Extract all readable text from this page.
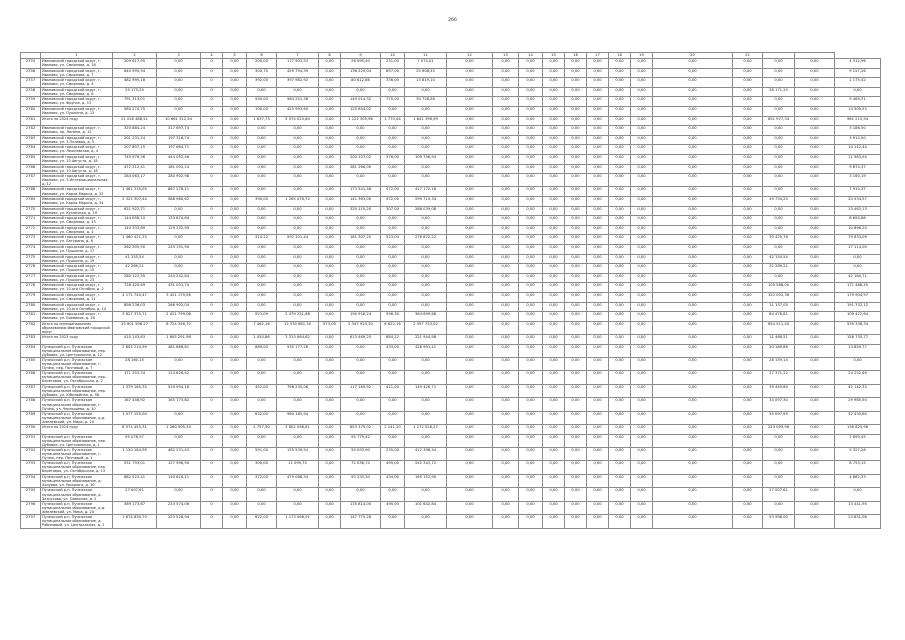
266
	1	2	3	4	5	6	7	8	9	10	11	12	13	14	15	16	17	18	19	20	21			
2755	Ивановский городской округ, г. Иваново, ул. Смирнова, д. 18	209 617,95	0,00	0	0,00	200,00	177 503,53	0,00	26 995,40	231,00	7 074,01	0,00	0,00	0,00	0,00	0,00	0,00	0,00	0,00	0,00	0,00	0,00	0,00	4 312,96
2756	Ивановский городской округ, г. Иваново, ул. Смирнова, д. 7	640 995,94	0,00	0	0,00	300,70	459 794,39	0,00	136 220,04	897,00	25 608,15	0,00	0,00	0,00	0,00	0,00	0,00	0,00	0,00	0,00	0,00	0,00	0,00	9 157,26
2757	Ивановский городской округ, г. Иваново, ул. Смирнова, д. 4	482 995,18	0,00	0	0,00	392,00	397 982,92	0,00	80 612,86	336,00	13 819,10	0,00	0,00	0,00	0,00	0,00	0,00	0,00	0,00	0,00	0,00	0,00	0,00	1 175,42
2758	Ивановский городской округ, г. Иваново, ул. Смирнова, д. 6	29 175,25	0,00	0	0,00	0,00	0,00	0,00	0,00	0,00	0,00	0,00	0,00	0,00	0,00	0,00	0,00	0,00	0,00	0,00	0,00	28 171,25	0,00	0,00
2759	Ивановский городской округ, г. Иваново, ул. Фрунзе, д. 13	791 313,01	0,00	0	0,00	550,00	584 251,38	0,00	149 014,32	770,00	30 728,58	0,00	0,00	0,00	0,00	0,00	0,00	0,00	0,00	0,00	0,00	0,00	0,00	9 469,31
2760	Ивановский городской округ, г. Иваново, ул. Пушкина, д. 13	580 274,75	0,00	0	0,00	100,00	423 993,60	0,00	125 654,02	0,00	0,00	0,00	0,00	0,00	0,00	0,00	0,00	0,00	0,00	0,00	0,00	0,00	0,00	14 509,53
2761	Итого по 2024 году	21 016 488,51	10 661 312,54	0	0,00	1 637,73	5 574 025,64	0,00	1 122 305,96	1 770,04	1 641 398,99	0,00	0,00	0,00	0,00	0,00	0,00	0,00	0,00	0,00	0,00	651 977,34	0,00	961 215,94
2762	Ивановский городской округ, г. Иваново, пр. Ленина, д. 12	320 884,24	317 697,74	0	0,00	0,00	0,00	0,00	0,00	0,00	0,00	0,00	0,00	0,00	0,00	0,00	0,00	0,00	0,00	0,00	0,00	0,00	0,00	3 186,50
2763	Ивановский городской округ, г. Иваново, ул. 3 Полевая, д. 5	201 231,24	197 316,74	0	0,00	0,00	0,00	0,00	0,00	0,00	0,00	0,00	0,00	0,00	0,00	0,00	0,00	0,00	0,00	0,00	0,00	0,00	0,00	3 914,50
2764	Ивановский городской округ, г. Иваново, ул. Лежневская, д. 4	207 807,15	197 664,71	0	0,00	0,00	0,00	0,00	0,00	0,00	0,00	0,00	0,00	0,00	0,00	0,00	0,00	0,00	0,00	0,00	0,00	0,00	0,00	10 142,44
2765	Ивановский городской округ, г. Иваново, ул. 10 Августа, д. 18	745 976,36	444 052,46	0	0,00	0,00	0,00	0,00	200 107,02	376,00	109 756,94	0,00	0,00	0,00	0,00	0,00	0,00	0,00	0,00	0,00	0,00	0,00	0,00	11 583,94
2766	Ивановский городской округ, г. Иваново, ул. 10 Августа, д. 18	472 212,41	181 092,24	0	0,00	0,00	0,00	0,00	281 266,00	0,00	0,00	0,00	0,00	0,00	0,00	0,00	0,00	0,00	0,00	0,00	0,00	0,00	0,00	9 874,37
2767	Ивановский городской округ, г. Иваново, ул. 3 Интернациональная, д. 12	284 063,17	280 902,98	0	0,00	0,00	0,00	0,00	0,00	0,00	0,00	0,00	0,00	0,00	0,00	0,00	0,00	0,00	0,00	0,00	0,00	0,00	0,00	3 160,19
2768	Ивановский городской округ, г. Иваново, ул. Карла Маркса, д. 32	1 461 315,05	867 278,11	0	0,00	0,00	0,00	0,00	173 541,58	472,00	417 172,18	0,00	0,00	0,00	0,00	0,00	0,00	0,00	0,00	0,00	0,00	0,00	0,00	7 910,37
2769	Ивановский городской округ, г. Иваново, ул. Карла Маркса, д. 34	2 321 307,44	588 960,62	0	0,00	390,00	1 265 476,72	0,00	141 363,00	472,00	299 715,34	0,00	0,00	0,00	0,00	0,00	0,00	0,00	0,00	0,00	0,00	49 734,25	0,00	20 534,57
2770	Ивановский городской округ, г. Иваново, ул. Кузнечная, д. 19	621 922,71	0,00	0	0,00	0,00	0,00	0,00	320 115,20	307,00	288 039,08	0,00	0,00	0,00	0,00	0,00	0,00	0,00	0,00	0,00	0,00	0,00	0,00	13 463,13
2771	Ивановский городской округ, г. Иваново, ул. Смирнова, д. 13	144 658,10	133 874,64	0	0,00	0,00	0,00	0,00	0,00	0,00	0,00	0,00	0,00	0,00	0,00	0,00	0,00	0,00	0,00	0,00	0,00	0,00	0,00	8 694,86
2772	Ивановский городской округ, г. Иваново, ул. Смирнова, д. 4	140 333,69	129 232,99	0	0,00	0,00	0,00	0,00	0,00	0,00	0,00	0,00	0,00	0,00	0,00	0,00	0,00	0,00	0,00	0,00	0,00	0,00	0,00	10 896,20
2773	Ивановский городской округ, г. Иваново, ул. Батурина, д. 6	1 460 421,33	0,00	0	0,00	314,22	592 101,44	0,00	181 307,20	523,04	276 872,22	0,00	0,00	0,00	0,00	0,00	0,00	0,00	0,00	0,00	0,00	30 425,78	0,00	79 833,09
2774	Ивановский городской округ, г. Иваново, ул. Пушкина, д. 17	262 305,90	245 191,90	0	0,00	0,00	0,00	0,00	0,00	0,00	0,00	0,00	0,00	0,00	0,00	0,00	0,00	0,00	0,00	0,00	0,00	0,00	0,00	17 114,00
2775	Ивановский городской округ, г. Иваново, ул. Пушкина, д. 19	41 155,54	0,00	0	0,00	0,00	0,00	0,00	0,00	0,00	0,00	0,00	0,00	0,00	0,00	0,00	0,00	0,00	0,00	0,00	0,00	42 154,54	0,00	0,00
2776	Ивановский городской округ, г. Иваново, ул. Пушкина, д. 15	42 289,21	0,00	0	0,00	0,00	0,00	0,00	0,00	0,00	0,00	0,00	0,00	0,00	0,00	0,00	0,00	0,00	0,00	0,00	0,00	32 289,21	0,00	0,00
2777	Ивановский городской округ, г. Иваново, ул. Пушкина, д. 23	280 123,55	245 242,84	0	0,00	0,00	0,00	0,00	0,00	0,00	0,00	0,00	0,00	0,00	0,00	0,00	0,00	0,00	0,00	0,00	0,00	0,00	0,00	42 184,71
2778	Ивановский городской округ, г. Иваново, ул. 10-ого Октября, д. 2	728 420,69	431 031,74	0	0,00	0,00	0,00	0,00	0,00	0,00	0,00	0,00	0,00	0,00	0,00	0,00	0,00	0,00	0,00	0,00	0,00	105 588,00	0,00	171 488,45
2779	Ивановский городской округ, г. Иваново, ул. Смирнова, д. 11	4 171 740,47	3 421 179,56	0	0,00	0,00	0,00	0,00	0,00	0,00	0,00	0,00	0,00	0,00	0,00	0,00	0,00	0,00	0,00	0,00	0,00	122 092,36	0,00	179 904,97
2780	Ивановский городской округ, г. Иваново, ул. 10-ого Октября, д. 14	898 236,03	266 902,04	0	0,00	0,00	0,00	0,00	0,00	0,00	0,00	0,00	0,00	0,00	0,00	0,00	0,00	0,00	0,00	0,00	0,00	11 137,05	0,00	191 332,12
2781	Ивановский городской округ, г. Иваново, ул. Боевиков, д. 16	3 627 370,71	2 021 799,06	0	0,00	923,09	2 479 231,68	0,00	190 918,24	596,30	364 699,68	0,00	0,00	0,00	0,00	0,00	0,00	0,00	0,00	0,00	0,00	84 478,81	0,00	109 422,64
2782	Итого по муниципальному образованию Ивановский городской округ	25 901 596,27	8 724 346,70	0	0,00	7 462,16	12 530 881,30	573,00	2 347 920,30	6 622,16	2 597 753,02	0,00	0,00	0,00	0,00	0,00	0,00	0,00	0,00	0,00	0,00	654 511,40	0,00	539 336,34
2783	Итого по 2023 году	410 143,63	1 605 291,98	0	0,00	1 454,86	3 313 064,62	0,00	613 469,25	884,22	221 944,98	0,00	0,00	0,00	0,00	0,00	0,00	0,00	0,00	0,00	0,00	11 468,51	0,00	158 735,77
2784	Пучежский р-н, Пучежское муниципальное образование, пер. Дубовик, ул. Центральная, д. 12	2 604 210,99	481 866,81	0	0,00	869,00	530 177,26	0,00	0,00	433,00	428 991,41	0,00	0,00	0,00	0,00	0,00	0,00	0,00	0,00	0,00	0,00	20 189,86	0,00	13 859,77
2785	Пучежский р-н, Пучежское муниципальное образование, г. Пучеж, пер. Почтовый, д. 7	28 160,15	0,00	0	0,00	0,00	0,00	0,00	0,00	0,00	0,00	0,00	0,00	0,00	0,00	0,00	0,00	0,00	0,00	0,00	0,00	28 159,14	0,00	0,00
2786	Пучежский р-н, Пучежское муниципальное образование, пер. Береговая, ул. Октябрьская, д. 2	171 253,34	114 626,42	0	0,00	0,00	0,00	0,00	0,00	0,00	0,00	0,00	0,00	0,00	0,00	0,00	0,00	0,00	0,00	0,00	0,00	27 371,22	0,00	24 252,69
2787	Пучежский р-н, Пучежское муниципальное образование, пер. Дубовик, ул. Юбилейная, д. 58	1 379 165,35	520 994,16	0	0,00	452,00	798 235,06	0,00	117 165,92	421,00	149 426,71	0,00	0,00	0,00	0,00	0,00	0,00	0,00	0,00	0,00	0,00	39 449,80	0,00	42 142,33
2788	Пучежский р-н, Пучежское муниципальное образование, г. Пучеж, ул. Чернышева, д. 10	167 458,92	165 773,82	0	0,00	0,00	0,00	0,00	0,00	0,00	0,00	0,00	0,00	0,00	0,00	0,00	0,00	0,00	0,00	0,00	0,00	34 097,30	0,00	29 985,50
2789	Пучежский р-н, Пучежское муниципальное образование, д.д. Хмелевский, ул. Мира, д. 20	1 077 155,00	0,00	0	0,00	632,00	960 185,94	0,00	0,00	0,00	0,00	0,00	0,00	0,00	0,00	0,00	0,00	0,00	0,00	0,00	0,00	55 097,95	0,00	32 430,60
2790	Итого по 2024 году	8 574 455,31	1 260 505,34	0	0,00	2 757,50	3 802 098,81	0,00	853 375,02	2 141,10	1 172 528,27	0,00	0,00	0,00	0,00	0,00	0,00	0,00	0,00	0,00	0,00	223 095,96	0,00	136 825,96
2791	Пучежский р-н, Пучежское муниципальное образование, пер. Дубовик, ул. Центральная, д. 1	95 078,97	0,00	0	0,00	0,00	0,00	0,00	95 779,42	0,00	0,00	0,00	0,00	0,00	0,00	0,00	0,00	0,00	0,00	0,00	0,00	0,00	0,00	2 699,45
2792	Пучежский р-н, Пучежское муниципальное образование, г. Пучеж, пер. Почтовый, д. 1	1 120 184,99	482 231,43	0	0,00	591,00	135 539,54	0,00	50 093,90	235,00	412 398,44	0,00	0,00	0,00	0,00	0,00	0,00	0,00	0,00	0,00	0,00	0,00	0,00	5 327,26
2793	Пучежский р-н, Пучежское муниципальное образование, пер. Береговая, ул. Октябрьская, д. 13	531 793,01	127 996,90	0	0,00	300,00	11 099,70	0,00	72 036,74	495,00	242 343,72	0,00	0,00	0,00	0,00	0,00	0,00	0,00	0,00	0,00	0,00	0,00	0,00	8 753,15
2794	Пучежский р-н, Пучежское муниципальное образование, д. Холуево, ул. Урицкого, д. 10	882 523,41	140 618,11	0	0,00	372,00	479 086,34	0,00	93 233,30	434,00	165 152,90	0,00	0,00	0,00	0,00	0,00	0,00	0,00	0,00	0,00	0,00	0,00	0,00	4 862,33
2795	Пучежский р-н, Пучежское муниципальное образование, д. Затрусово, ул. Северная, д. 2	27 007,61	0,00	0	0,00	0,00	0,00	0,00	0,00	0,00	0,00	0,00	0,00	0,00	0,00	0,00	0,00	0,00	0,00	0,00	0,00	27 007,61	0,00	0,00
2796	Пучежский р-н, Пучежское муниципальное образование, д.д. Хмелевский, ул. Мира, д. 20	389 173,87	253 574,06	0	0,00	0,00	0,00	0,00	135 814,00	495,00	101 642,84	0,00	0,00	0,00	0,00	0,00	0,00	0,00	0,00	0,00	0,00	0,00	0,00	13 441,95
2797	Пучежский р-н, Пучежское муниципальное образование, д. Рябиновый, ул. Центральная, д. 1	1 674 830,70	223 528,94	0	0,00	622,00	1 173 068,91	0,00	147 775,28	0,00	0,00	0,00	0,00	0,00	0,00	0,00	0,00	0,00	0,00	0,00	0,00	53 998,00	0,00	23 831,06
